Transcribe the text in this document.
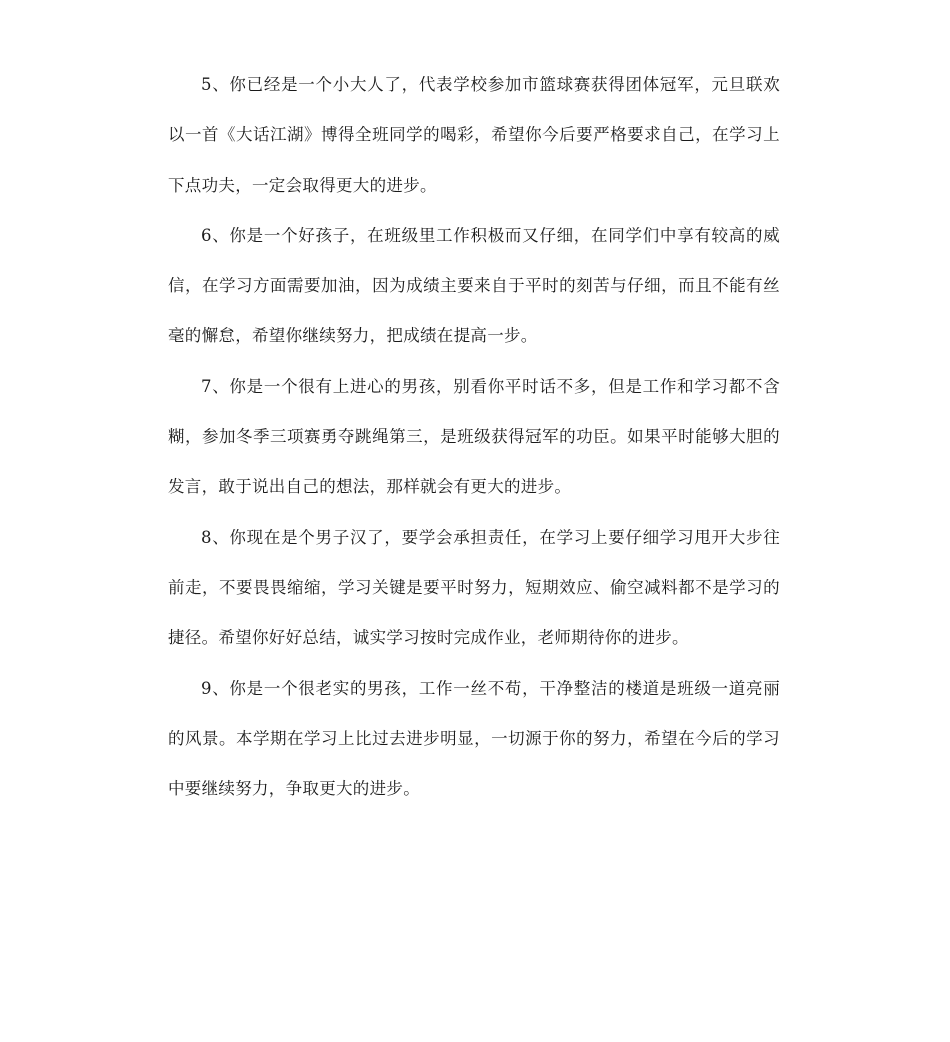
5、你已经是一个小大人了，代表学校参加市篮球赛获得团体冠军，元旦联欢以一首《大话江湖》博得全班同学的喝彩，希望你今后要严格要求自己，在学习上下点功夫，一定会取得更大的进步。

6、你是一个好孩子，在班级里工作积极而又仔细，在同学们中享有较高的威信，在学习方面需要加油，因为成绩主要来自于平时的刻苦与仔细，而且不能有丝毫的懈怠，希望你继续努力，把成绩在提高一步。

7、你是一个很有上进心的男孩，别看你平时话不多，但是工作和学习都不含糊，参加冬季三项赛勇夺跳绳第三，是班级获得冠军的功臣。如果平时能够大胆的发言，敢于说出自己的想法，那样就会有更大的进步。

8、你现在是个男子汉了，要学会承担责任，在学习上要仔细学习甩开大步往前走，不要畏畏缩缩，学习关键是要平时努力，短期效应、偷空减料都不是学习的捷径。希望你好好总结，诚实学习按时完成作业，老师期待你的进步。

9、你是一个很老实的男孩，工作一丝不苟，干净整洁的楼道是班级一道亮丽的风景。本学期在学习上比过去进步明显，一切源于你的努力，希望在今后的学习中要继续努力，争取更大的进步。
